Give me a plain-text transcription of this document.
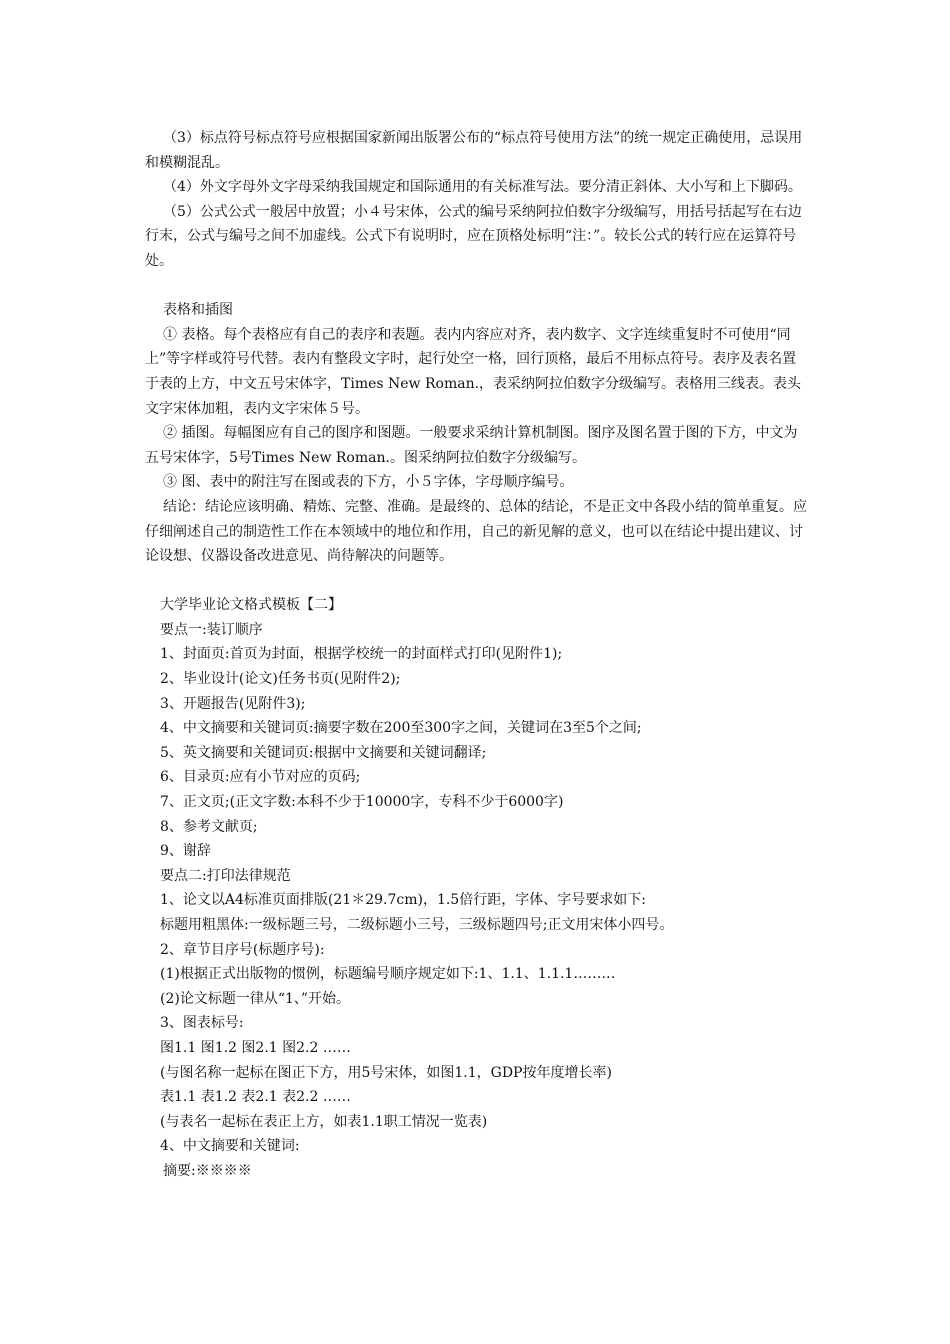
（3）标点符号标点符号应根据国家新闻出版署公布的“标点符号使用方法”的统一规定正确使用，忌误用和模糊混乱。

（4）外文字母外文字母采纳我国规定和国际通用的有关标准写法。要分清正斜体、大小写和上下脚码。

（5）公式公式一般居中放置；小４号宋体，公式的编号采纳阿拉伯数字分级编写，用括号括起写在右边行末，公式与编号之间不加虚线。公式下有说明时，应在顶格处标明“注：”。较长公式的转行应在运算符号处。

表格和插图

① 表格。每个表格应有自己的表序和表题。表内内容应对齐，表内数字、文字连续重复时不可使用“同上”等字样或符号代替。表内有整段文字时，起行处空一格，回行顶格，最后不用标点符号。表序及表名置于表的上方，中文五号宋体字，Times New Roman.，表采纳阿拉伯数字分级编写。表格用三线表。表头文字宋体加粗，表内文字宋体５号。

② 插图。每幅图应有自己的图序和图题。一般要求采纳计算机制图。图序及图名置于图的下方，中文为五号宋体字，5号Times New Roman.。图采纳阿拉伯数字分级编写。

③ 图、表中的附注写在图或表的下方，小５字体，字母顺序编号。

结论：结论应该明确、精炼、完整、准确。是最终的、总体的结论，不是正文中各段小结的简单重复。应仔细阐述自己的制造性工作在本领域中的地位和作用，自己的新见解的意义，也可以在结论中提出建议、讨论设想、仪器设备改进意见、尚待解决的问题等。

大学毕业论文格式模板【二】

要点一:装订顺序

1、封面页:首页为封面，根据学校统一的封面样式打印(见附件1);

2、毕业设计(论文)任务书页(见附件2);

3、开题报告(见附件3);

4、中文摘要和关键词页:摘要字数在200至300字之间，关键词在3至5个之间;

5、英文摘要和关键词页:根据中文摘要和关键词翻译;

6、目录页:应有小节对应的页码;

7、正文页;(正文字数:本科不少于10000字，专科不少于6000字)

8、参考文献页;

9、谢辞

要点二:打印法律规范

1、论文以A4标准页面排版(21＊29.7cm)，1.5倍行距，字体、字号要求如下:

标题用粗黑体:一级标题三号，二级标题小三号，三级标题四号;正文用宋体小四号。

2、章节目序号(标题序号):

(1)根据正式出版物的惯例，标题编号顺序规定如下:1、1.1、1.1.1………

(2)论文标题一律从“1、”开始。

3、图表标号:

图1.1 图1.2 图2.1 图2.2 ……

(与图名称一起标在图正下方，用5号宋体，如图1.1，GDP按年度增长率)

表1.1 表1.2 表2.1 表2.2 ……

(与表名一起标在表正上方，如表1.1职工情况一览表)

4、中文摘要和关键词:

摘要:※※※※
